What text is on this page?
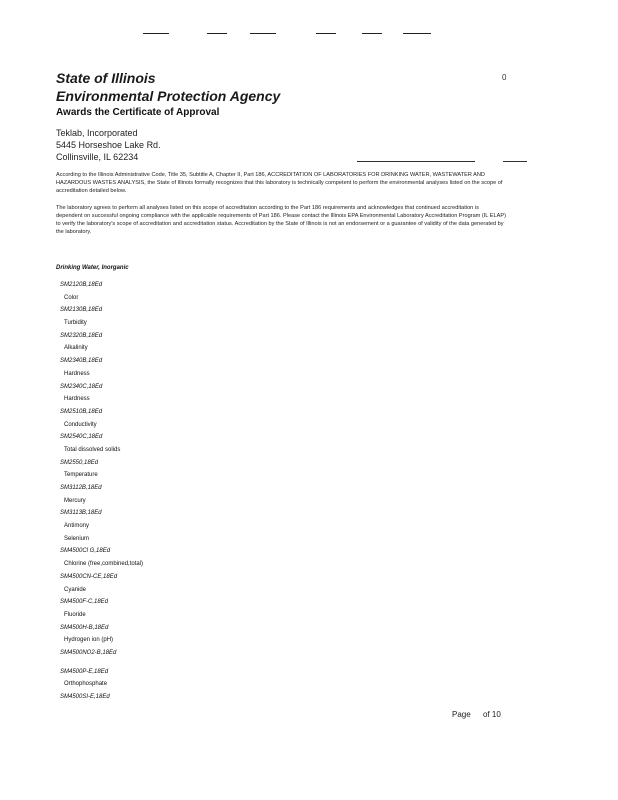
State of Illinois
Environmental Protection Agency
Awards the Certificate of Approval
0
Teklab, Incorporated
5445 Horseshoe Lake Rd.
Collinsville, IL 62234
According to the Illinois Administrative Code, Title 35, Subtitle A, Chapter II, Part 186, ACCREDITATION OF LABORATORIES FOR DRINKING WATER, WASTEWATER AND HAZARDOUS WASTES ANALYSIS, the State of Illinois formally recognizes that this laboratory is technically competent to perform the environmental analyses listed on the scope of accreditation detailed below.
The laboratory agrees to perform all analyses listed on this scope of accreditation according to the Part 186 requirements and acknowledges that continued accreditation is dependent on successful ongoing compliance with the applicable requirements of Part 186. Please contact the Illinois EPA Environmental Laboratory Accreditation Program (IL ELAP) to verify the laboratory's scope of accreditation and accreditation status. Accreditation by the State of Illinois is not an endorsement or a guarantee of validity of the data generated by the laboratory.
Drinking Water, Inorganic
SM2120B,18Ed
Color
SM2130B,18Ed
Turbidity
SM2320B,18Ed
Alkalinity
SM2340B,18Ed
Hardness
SM2340C,18Ed
Hardness
SM2510B,18Ed
Conductivity
SM2540C,18Ed
Total dissolved solids
SM2550,18Ed
Temperature
SM3112B,18Ed
Mercury
SM3113B,18Ed
Antimony
Selenium
SM4500Cl G,18Ed
Chlorine (free,combined,total)
SM4500CN-CE,18Ed
Cyanide
SM4500F-C,18Ed
Fluoride
SM4500H-B,18Ed
Hydrogen ion (pH)
SM4500NO2-B,18Ed
SM4500P-E,18Ed
Orthophosphate
SM4500SI-E,18Ed
Page of 10
